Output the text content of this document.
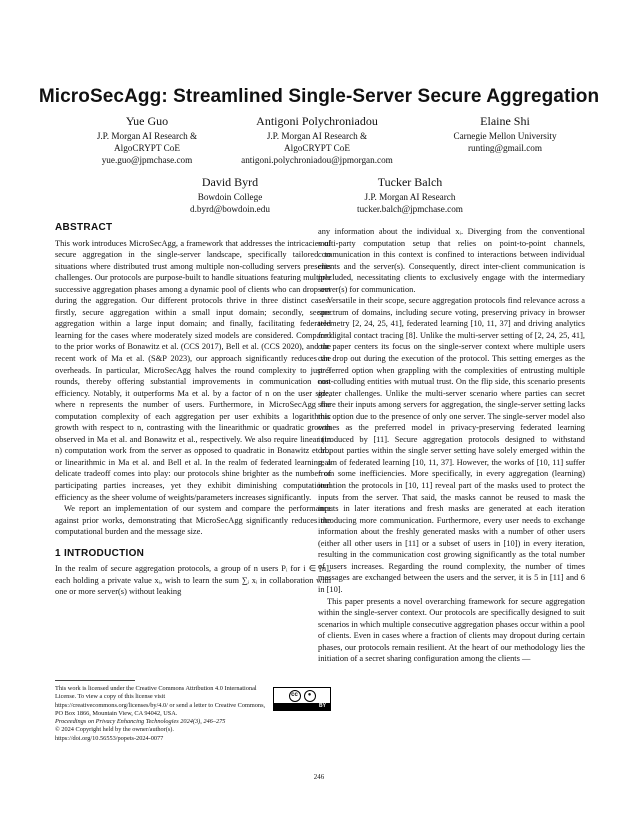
MicroSecAgg: Streamlined Single-Server Secure Aggregation
Yue Guo
J.P. Morgan AI Research &
AlgoCRYPT CoE
yue.guo@jpmchase.com
Antigoni Polychroniadou
J.P. Morgan AI Research &
AlgoCRYPT CoE
antigoni.polychroniadou@jpmorgan.com
Elaine Shi
Carnegie Mellon University
runting@gmail.com
David Byrd
Bowdoin College
d.byrd@bowdoin.edu
Tucker Balch
J.P. Morgan AI Research
tucker.balch@jpmchase.com
ABSTRACT

This work introduces MicroSecAgg, a framework that addresses the intricacies of secure aggregation in the single-server landscape, specifically tailored to situations where distributed trust among multiple non-colluding servers presents challenges. Our protocols are purpose-built to handle situations featuring multiple successive aggregation phases among a dynamic pool of clients who can drop out during the aggregation. Our different protocols thrive in three distinct cases: firstly, secure aggregation within a small input domain; secondly, secure aggregation within a large input domain; and finally, facilitating federated learning for the cases where moderately sized models are considered. Compared to the prior works of Bonawitz et al. (CCS 2017), Bell et al. (CCS 2020), and the recent work of Ma et al. (S&P 2023), our approach significantly reduces the overheads. In particular, MicroSecAgg halves the round complexity to just 3 rounds, thereby offering substantial improvements in communication cost efficiency. Notably, it outperforms Ma et al. by a factor of n on the user side, where n represents the number of users. Furthermore, in MicroSecAgg the computation complexity of each aggregation per user exhibits a logarithmic growth with respect to n, contrasting with the linearithmic or quadratic growth observed in Ma et al. and Bonawitz et al., respectively. We also require linear (in n) computation work from the server as opposed to quadratic in Bonawitz et al., or linearithmic in Ma et al. and Bell et al. In the realm of federated learning, a delicate tradeoff comes into play: our protocols shine brighter as the number of participating parties increases, yet they exhibit diminishing computational efficiency as the sheer volume of weights/parameters increases significantly.

We report an implementation of our system and compare the performance against prior works, demonstrating that MicroSecAgg significantly reduces the computational burden and the message size.

1 INTRODUCTION

In the realm of secure aggregation protocols, a group of n users Pᵢ for i ∈ [n], each holding a private value xᵢ, wish to learn the sum ∑ᵢ xᵢ in collaboration with one or more server(s) without leaking

any information about the individual xᵢ. Diverging from the conventional multi-party computation setup that relies on point-to-point channels, communication in this context is confined to interactions between individual clients and the server(s). Consequently, direct inter-client communication is precluded, necessitating clients to exclusively engage with the intermediary server(s) for communication.

Versatile in their scope, secure aggregation protocols find relevance across a spectrum of domains, including secure voting, preserving privacy in browser telemetry [2, 24, 25, 41], federated learning [10, 11, 37] and driving analytics for digital contact tracing [8]. Unlike the multi-server setting of [2, 24, 25, 41], our paper centers its focus on the single-server context where multiple users can drop out during the execution of the protocol. This setting emerges as the preferred option when grappling with the complexities of entrusting multiple non-colluding entities with mutual trust. On the flip side, this scenario presents greater challenges. Unlike the multi-server scenario where parties can secret share their inputs among servers for aggregation, the single-server setting lacks this option due to the presence of only one server. The single-server model also comes as the preferred model in privacy-preserving federated learning introduced by [11]. Secure aggregation protocols designed to withstand dropout parties within the single server setting have solely emerged within the realm of federated learning [10, 11, 37]. However, the works of [10, 11] suffer from some inefficiencies. More specifically, in every aggregation (learning) iteration the protocols in [10, 11] reveal part of the masks used to protect the inputs from the server. That said, the masks cannot be reused to mask the inputs in later iterations and fresh masks are generated at each iteration introducing more communication. Furthermore, every user needs to exchange information about the freshly generated masks with a number of other users (either all other users in [11] or a subset of users in [10]) in every iteration, resulting in the communication cost growing significantly as the total number of users increases. Regarding the round complexity, the number of times messages are exchanged between the users and the server, it is 5 in [11] and 6 in [10].

This paper presents a novel overarching framework for secure aggregation within the single-server context. Our protocols are specifically designed to suit scenarios in which multiple consecutive aggregation phases occur within a pool of clients. Even in cases where a fraction of clients may dropout during certain phases, our protocols remain resilient. At the heart of our methodology lies the initiation of a secret sharing configuration among the clients —

This work is licensed under the Creative Commons Attribution 4.0 International License. To view a copy of this license visit https://creativecommons.org/licenses/by/4.0/ or send a letter to Creative Commons, PO Box 1866, Mountain View, CA 94042, USA.
cc	●
BY
Proceedings on Privacy Enhancing Technologies 2024(3), 246–275
© 2024 Copyright held by the owner/author(s).
https://doi.org/10.56553/popets-2024-0077
246
